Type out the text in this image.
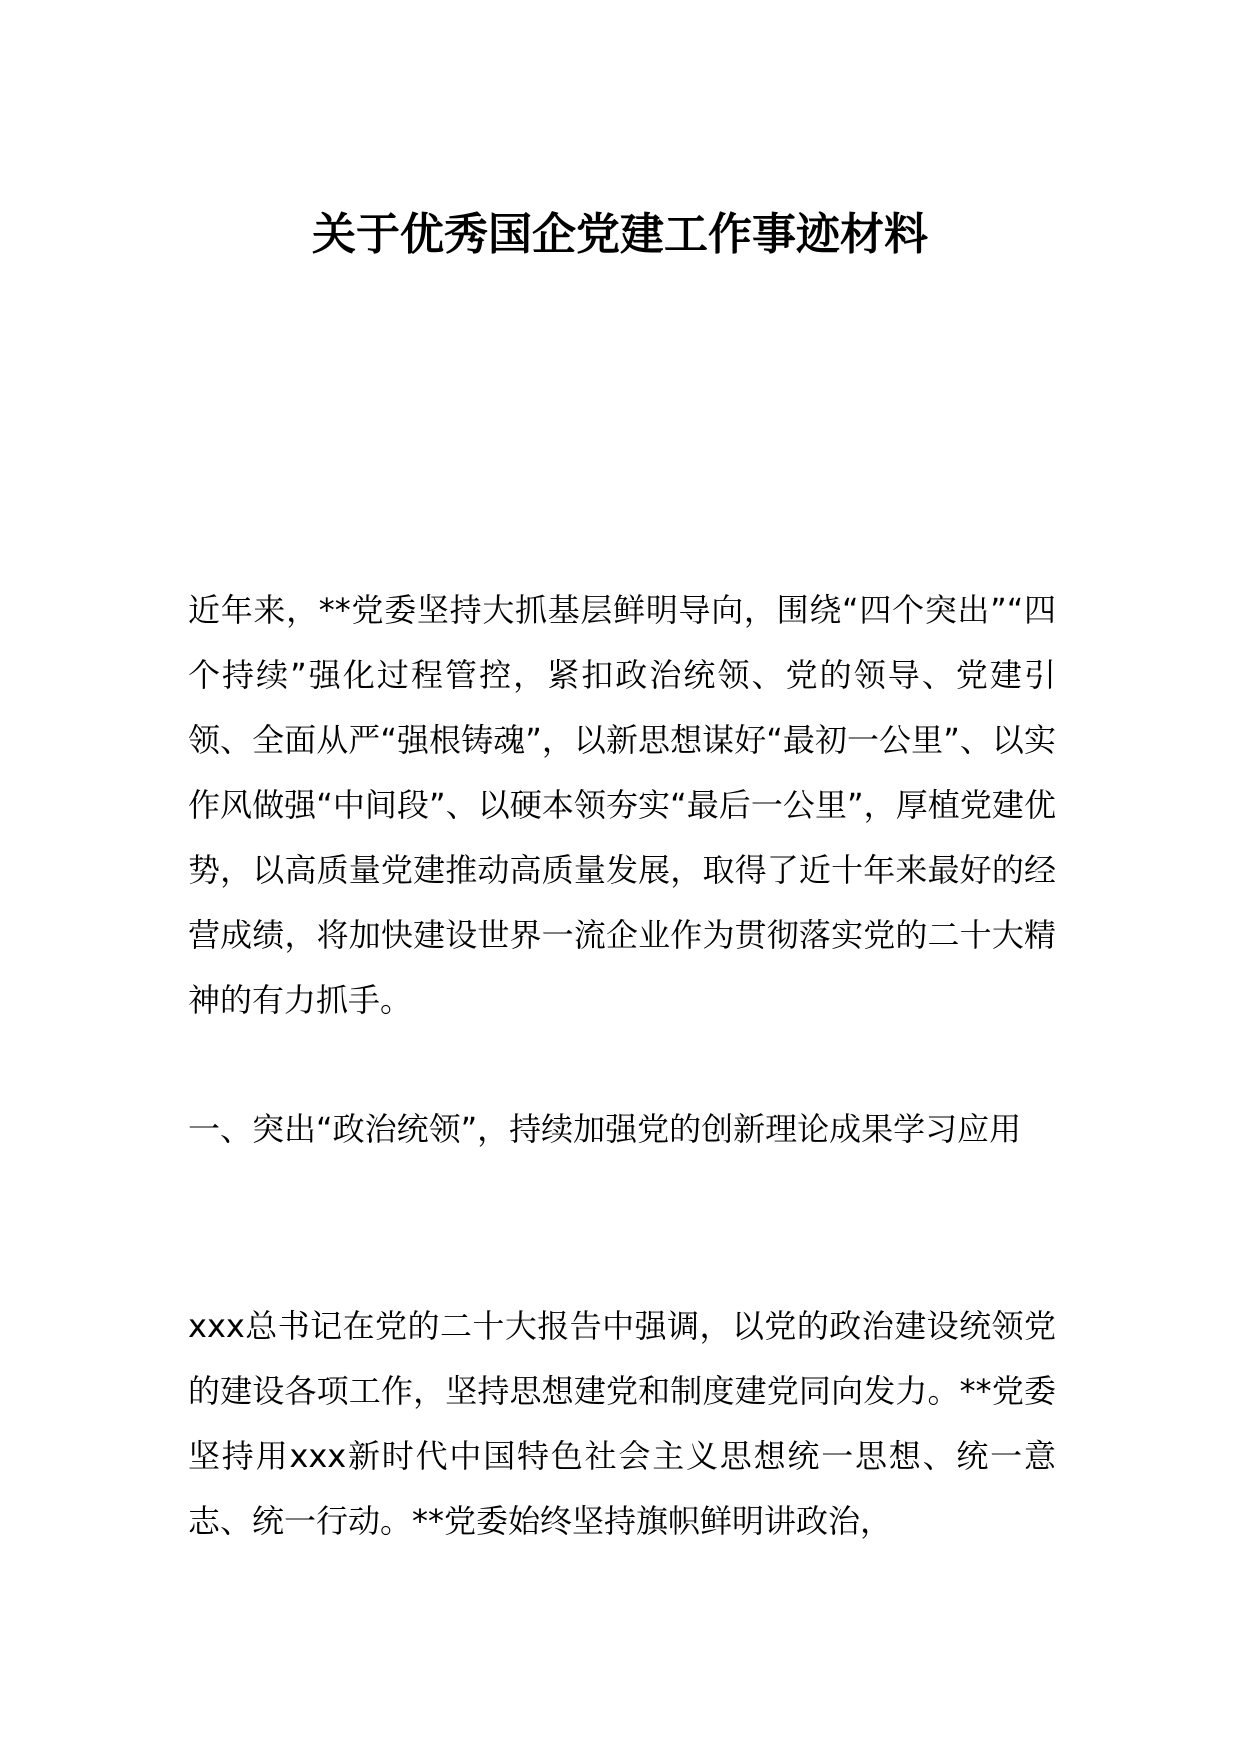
关于优秀国企党建工作事迹材料

近年来，**党委坚持大抓基层鲜明导向，围绕“四个突出”“四个持续”强化过程管控，紧扣政治统领、党的领导、党建引领、全面从严“强根铸魂”，以新思想谋好“最初一公里”、以实作风做强“中间段”、以硬本领夯实“最后一公里”，厚植党建优势，以高质量党建推动高质量发展，取得了近十年来最好的经营成绩，将加快建设世界一流企业作为贯彻落实党的二十大精神的有力抓手。

一、突出“政治统领”，持续加强党的创新理论成果学习应用

xxx总书记在党的二十大报告中强调，以党的政治建设统领党的建设各项工作，坚持思想建党和制度建党同向发力。**党委坚持用xxx新时代中国特色社会主义思想统一思想、统一意志、统一行动。**党委始终坚持旗帜鲜明讲政治，
